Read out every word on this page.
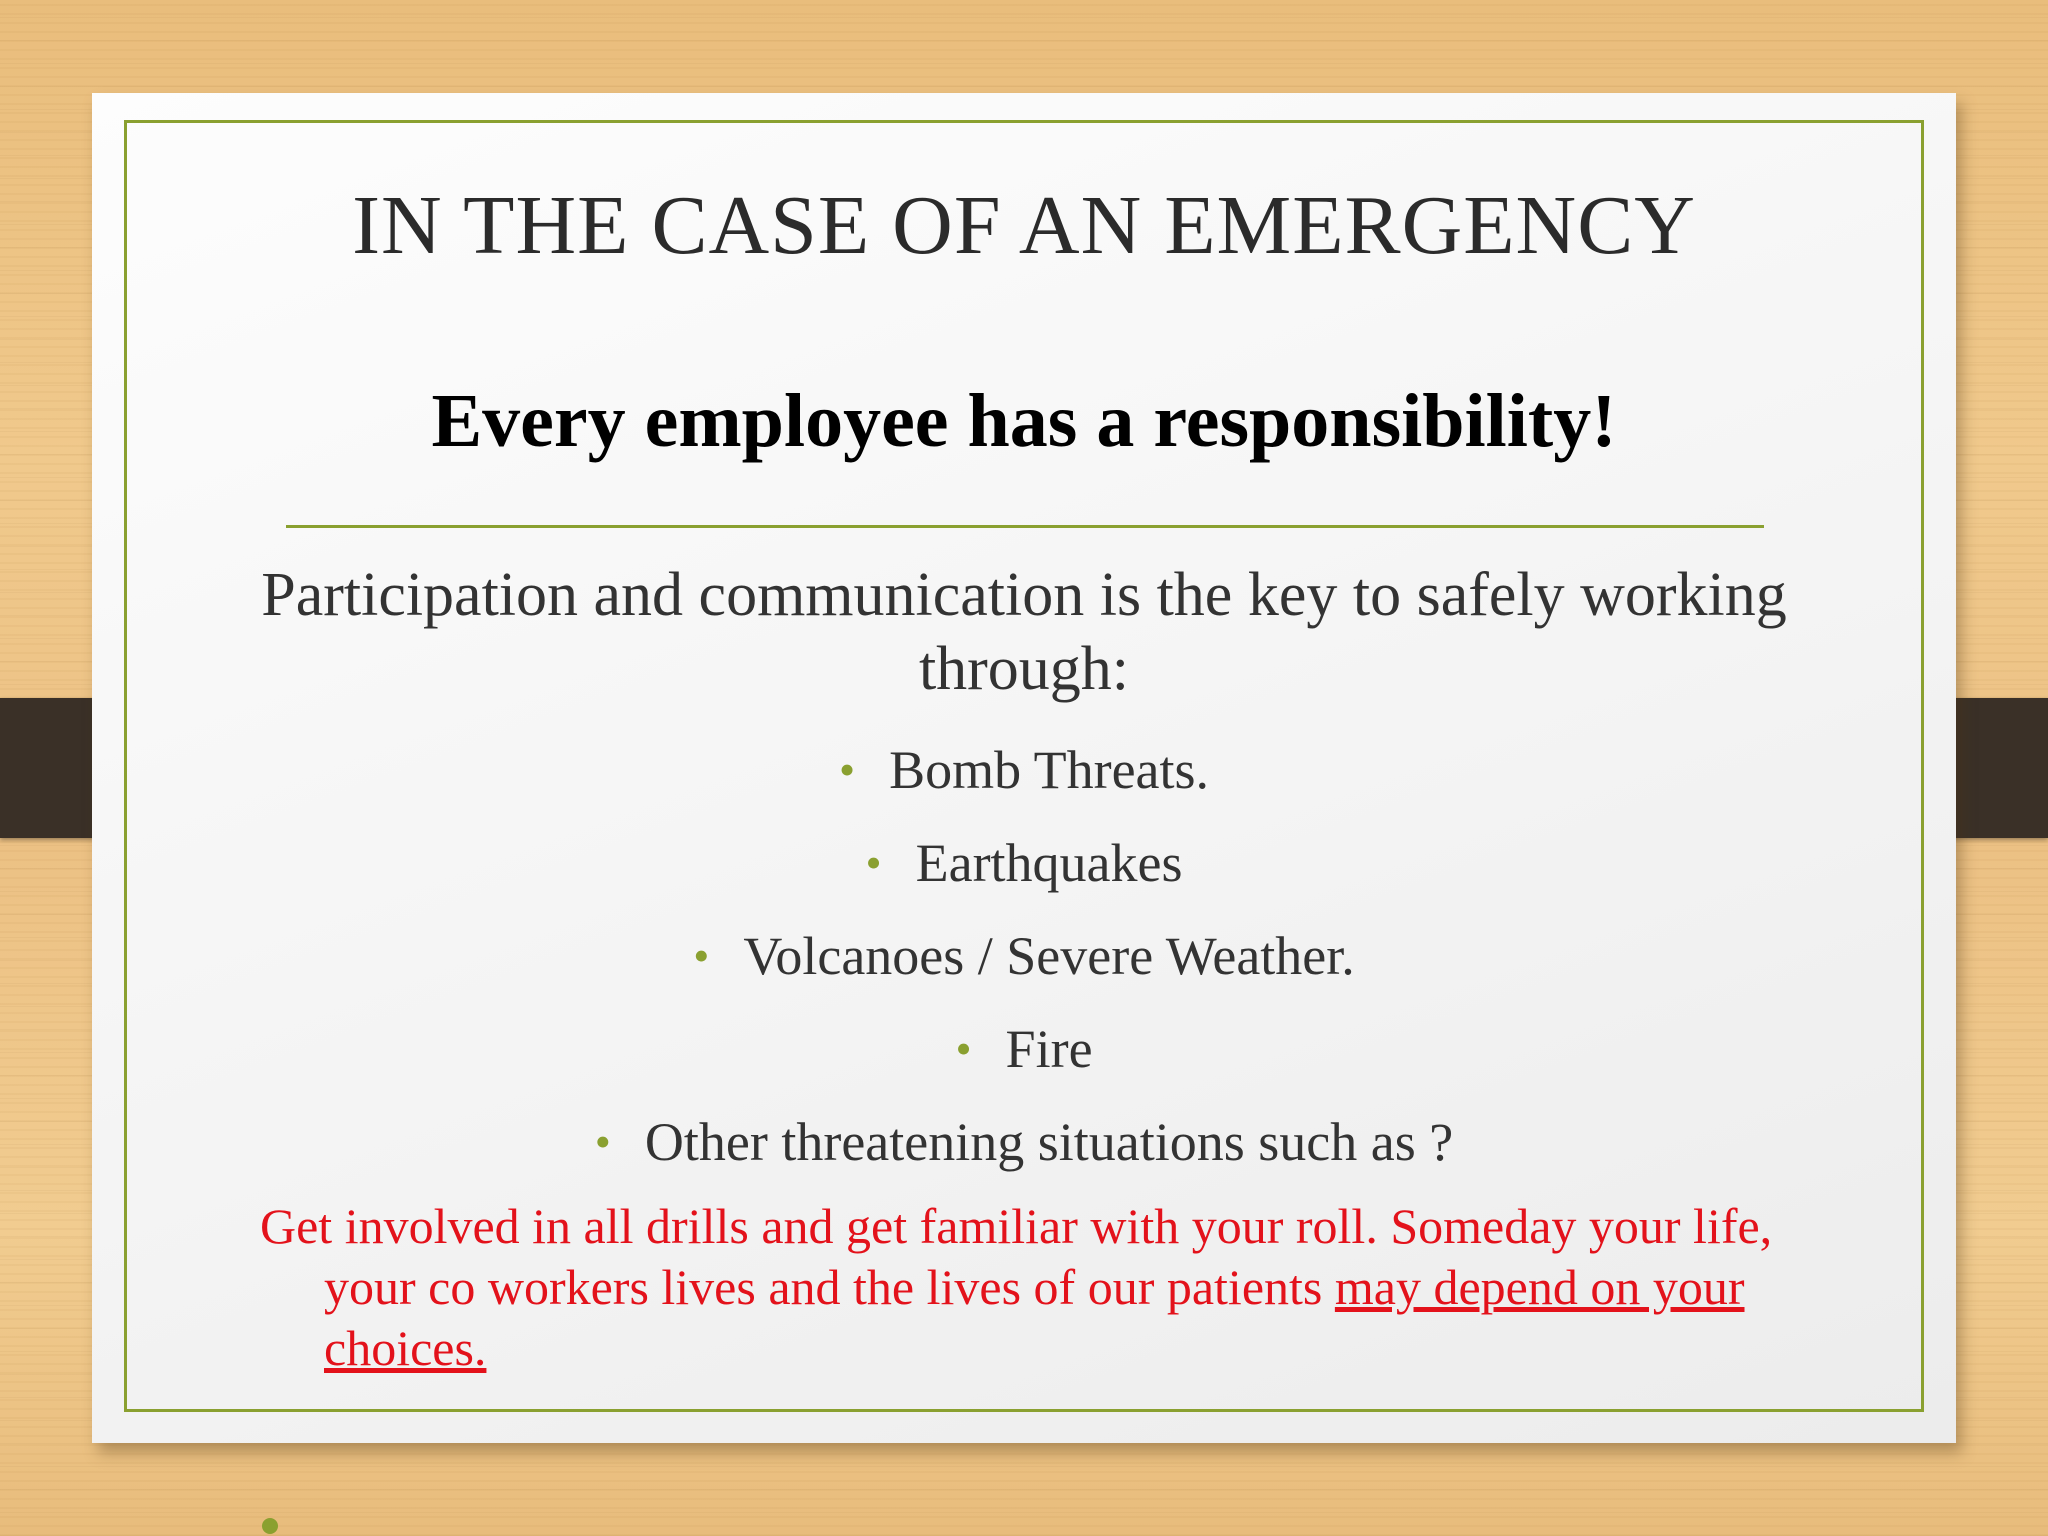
IN THE CASE OF AN EMERGENCY
Every employee has a responsibility!
Participation and communication is the key to safely working through:
• Bomb Threats.
• Earthquakes
• Volcanoes / Severe Weather.
• Fire
• Other threatening situations such as ?
Get involved in all drills and get familiar with your roll. Someday your life, your co workers lives and the lives of our patients may depend on your choices.
